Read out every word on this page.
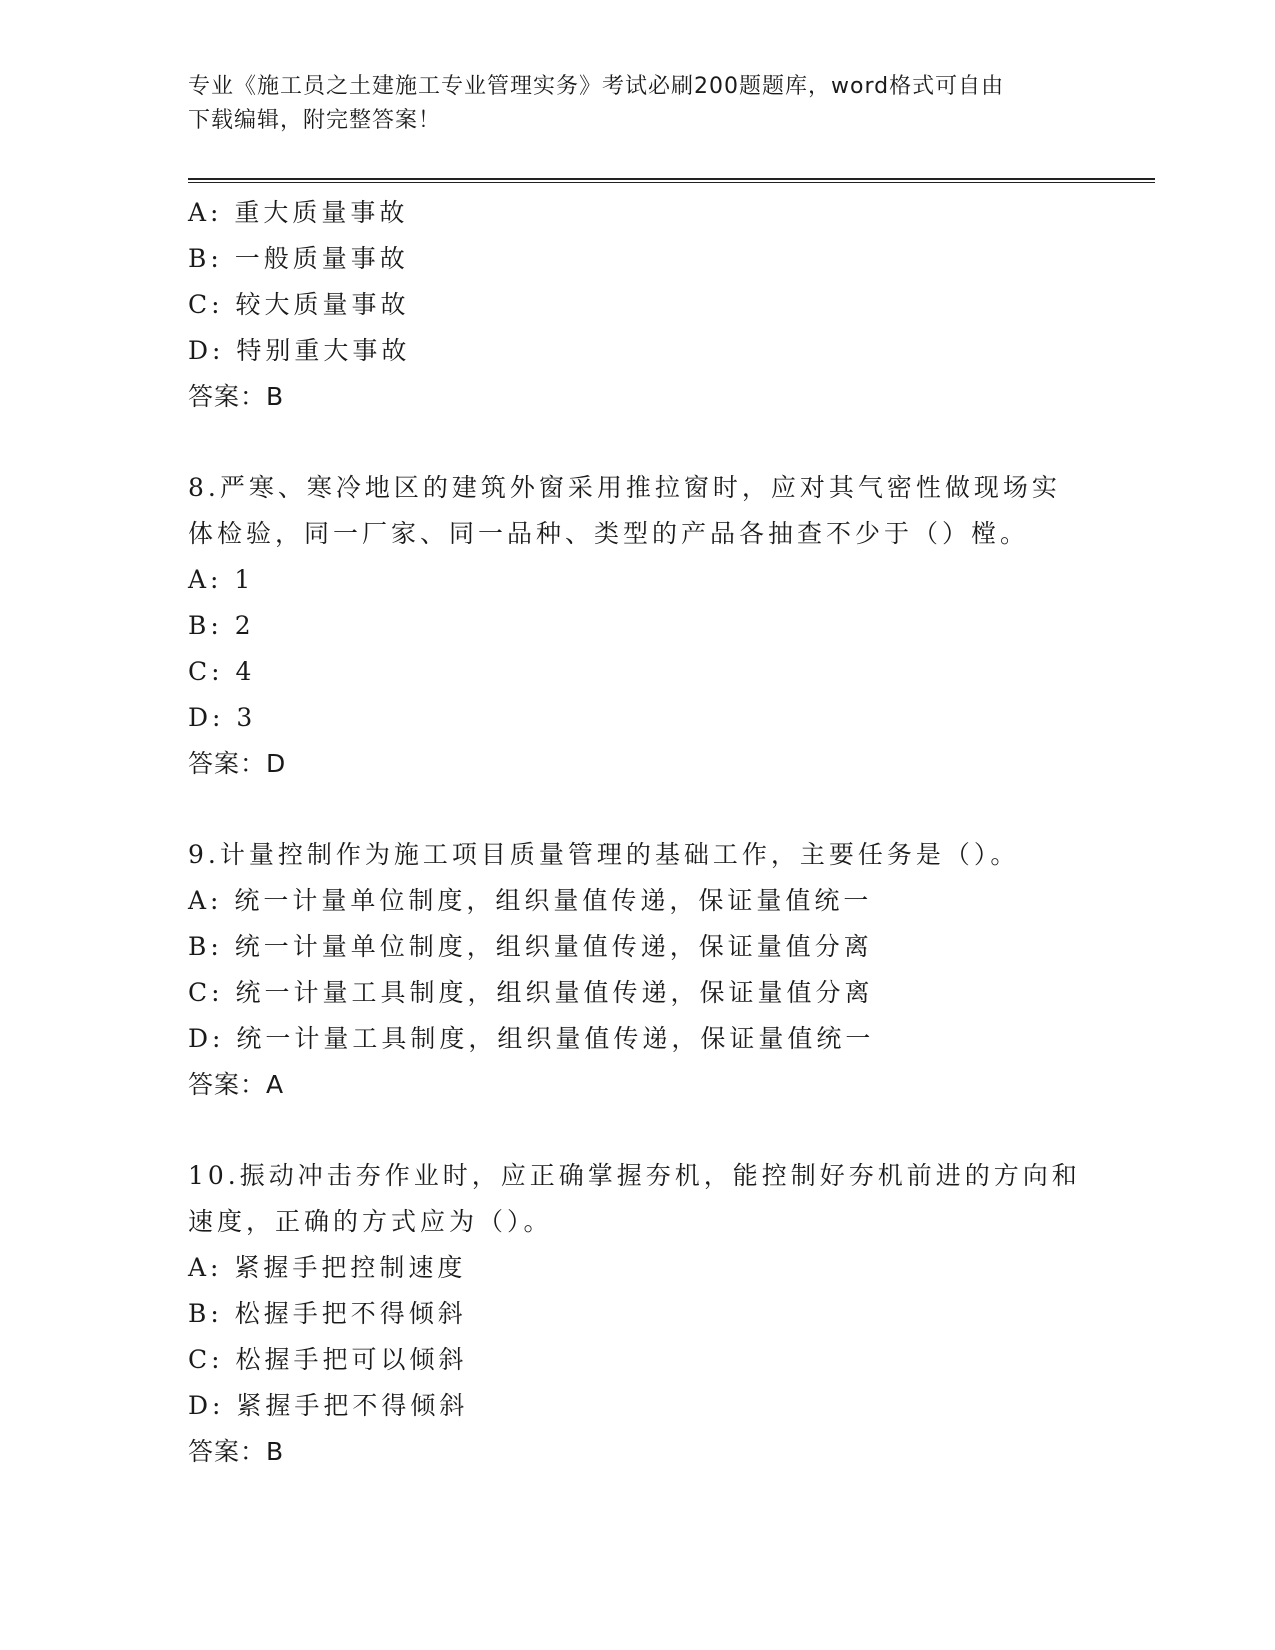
专业《施工员之土建施工专业管理实务》考试必刷200题题库，word格式可自由
下载编辑，附完整答案！
A: 重大质量事故
B: 一般质量事故
C: 较大质量事故
D: 特别重大事故
答案：B
8.严寒、寒冷地区的建筑外窗采用推拉窗时，应对其气密性做现场实
体检验，同一厂家、同一品种、类型的产品各抽查不少于（）樘。
A: 1
B: 2
C: 4
D: 3
答案：D
9.计量控制作为施工项目质量管理的基础工作，主要任务是（）。
A: 统一计量单位制度，组织量值传递，保证量值统一
B: 统一计量单位制度，组织量值传递，保证量值分离
C: 统一计量工具制度，组织量值传递，保证量值分离
D: 统一计量工具制度，组织量值传递，保证量值统一
答案：A
10.振动冲击夯作业时，应正确掌握夯机，能控制好夯机前进的方向和
速度，正确的方式应为（）。
A: 紧握手把控制速度
B: 松握手把不得倾斜
C: 松握手把可以倾斜
D: 紧握手把不得倾斜
答案：B
